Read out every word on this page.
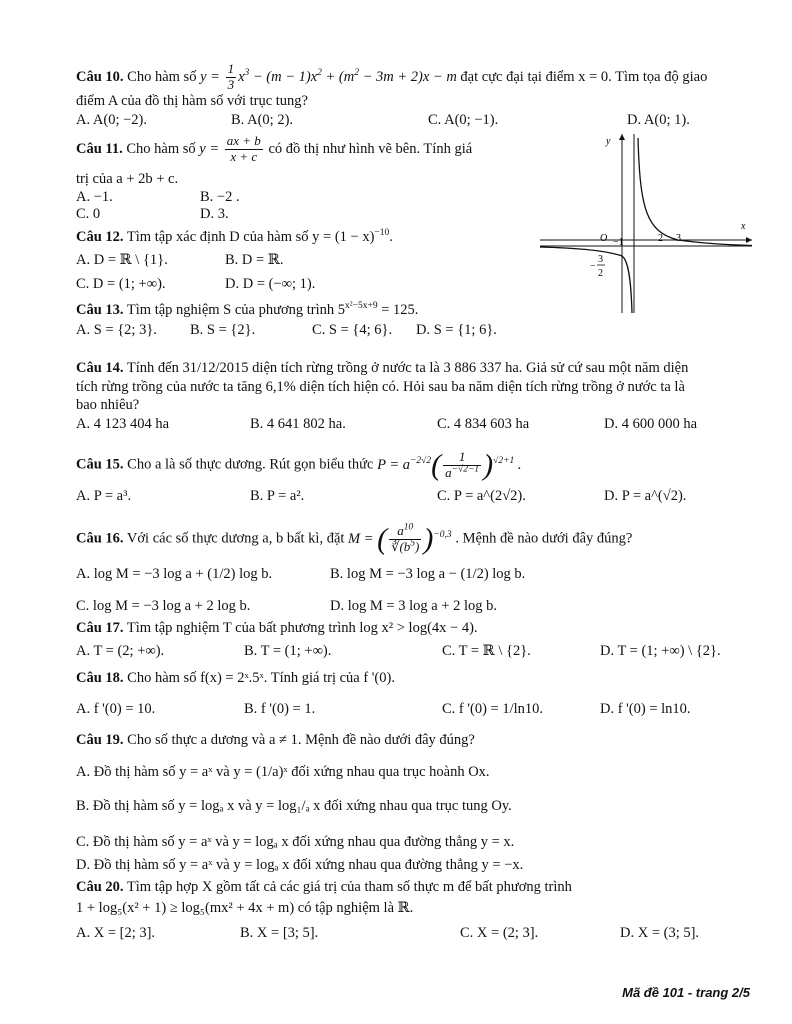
Câu 10. Cho hàm số $y = \frac{1}{3} x^3 - (m - 1)x^2 + (m^2 - 3m + 2)x - m$ đạt cực đại tại điểm x = 0. Tìm tọa độ giao
điểm A của đồ thị hàm số với trục tung?
A. A(0; −2).	B. A(0; 2).	C. A(0; −1).	D. A(0; 1).
Câu 11. Cho hàm số $y = \frac{ax + b}{x + c}$ có đồ thị như hình vẽ bên. Tính giá
trị của a + 2b + c.
A. −1.	B. −2 .
C. 0	D. 3.
Câu 12. Tìm tập xác định D của hàm số $y = (1 - x)^{-10}$.
A. D = ℝ \ {1}.	B. D = ℝ.
C. D = (1; +∞).	D. D = (−∞; 1).
Câu 13. Tìm tập nghiệm S của phương trình $5^{x^2-5x+9} = 125$.
A. S = {2; 3}. B. S = {2}.	C. S = {4; 6}. D. S = {1; 6}.
y
x
O −1	2 3
−
3
2
Câu 14. Tính đến 31/12/2015 diện tích rừng trồng ở nước ta là 3 886 337 ha. Giả sử cứ sau một năm diện
tích rừng trồng của nước ta tăng 6,1% diện tích hiện có. Hỏi sau ba năm diện tích rừng trồng ở nước ta là
bao nhiêu?
A. 4 123 404 ha	B. 4 641 802 ha.	C. 4 834 603 ha	D. 4 600 000 ha
Câu 15. Cho a là số thực dương. Rút gọn biểu thức $P = a^{-2√2}( \frac{1}{a^{-√2-1}} )^{√2+1}$ .
A. P = a³.	B. P = a².	C. P = a^(2√2).	D. P = a^(√2).
Câu 16. Với các số thực dương a, b bất kì, đặt M = ( $\frac{a^{10}}{∛(b^5)} )^{-0,3}$ . Mệnh đề nào dưới đây đúng?
A. log M = −3 log a + (1/2) log b.	B. log M = −3 log a − (1/2) log b.
C. log M = −3 log a + 2 log b.	D. log M = 3 log a + 2 log b.
Câu 17. Tìm tập nghiệm T của bất phương trình log x² > log(4x − 4).
A. T = (2; +∞).	B. T = (1; +∞).	C. T = ℝ \ {2}.	D. T = (1; +∞) \ {2}.
Câu 18. Cho hàm số f(x) = 2ˣ.5ˣ. Tính giá trị của f '(0).
A. f '(0) = 10.	B. f '(0) = 1.	C. f '(0) = 1/ln10.	D. f '(0) = ln10.
Câu 19. Cho số thực a dương và a ≠ 1. Mệnh đề nào dưới đây đúng?
A. Đồ thị hàm số y = aˣ và y = (1/a)ˣ đối xứng nhau qua trục hoành Ox.
B. Đồ thị hàm số y = logₐ x và y = log₁/ₐ x đối xứng nhau qua trục tung Oy.
C. Đồ thị hàm số y = aˣ và y = logₐ x đối xứng nhau qua đường thẳng y = x.
D. Đồ thị hàm số y = aˣ và y = logₐ x đối xứng nhau qua đường thẳng y = −x.
Câu 20. Tìm tập hợp X gồm tất cả các giá trị của tham số thực m để bất phương trình
1 + log₅(x² + 1) ≥ log₅(mx² + 4x + m) có tập nghiệm là ℝ.
A. X = [2; 3].	B. X = [3; 5].	C. X = (2; 3].	D. X = (3; 5].
Mã đề 101 - trang 2/5
